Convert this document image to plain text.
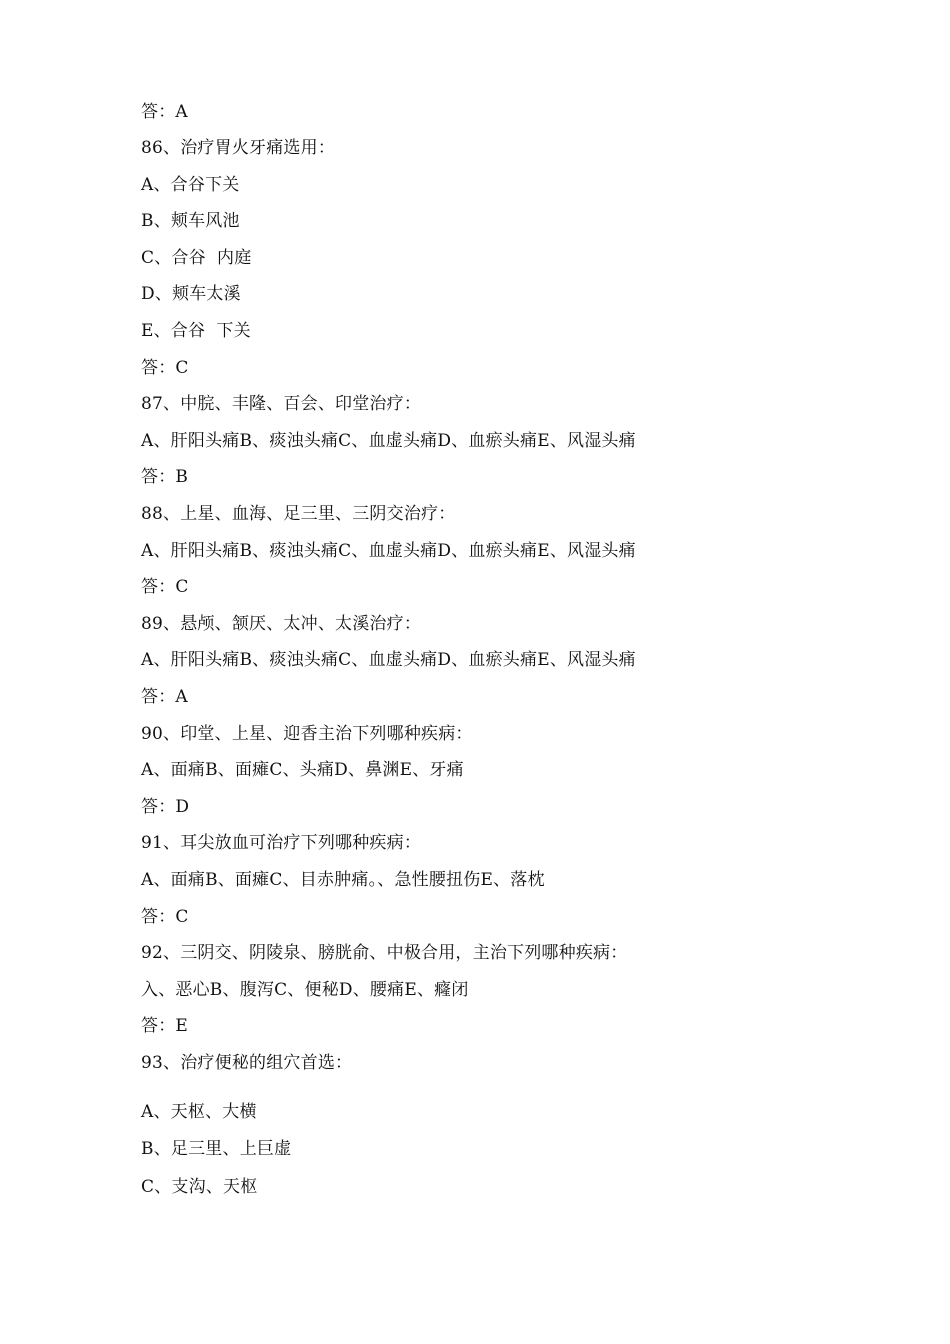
答：A
86、治疗胃火牙痛选用：
A、合谷下关
B、颊车风池
C、合谷  内庭
D、颊车太溪
E、合谷  下关
答：C
87、中脘、丰隆、百会、印堂治疗：
A、肝阳头痛B、痰浊头痛C、血虚头痛D、血瘀头痛E、风湿头痛
答：B
88、上星、血海、足三里、三阴交治疗：
A、肝阳头痛B、痰浊头痛C、血虚头痛D、血瘀头痛E、风湿头痛
答：C
89、悬颅、颔厌、太冲、太溪治疗：
A、肝阳头痛B、痰浊头痛C、血虚头痛D、血瘀头痛E、风湿头痛
答：A
90、印堂、上星、迎香主治下列哪种疾病：
A、面痛B、面瘫C、头痛D、鼻渊E、牙痛
答：D
91、耳尖放血可治疗下列哪种疾病：
A、面痛B、面瘫C、目赤肿痛。、急性腰扭伤E、落枕
答：C
92、三阴交、阴陵泉、膀胱俞、中极合用，主治下列哪种疾病：
入、恶心B、腹泻C、便秘D、腰痛E、癃闭
答：E
93、治疗便秘的组穴首选：
A、天枢、大横
B、足三里、上巨虚
C、支沟、天枢
